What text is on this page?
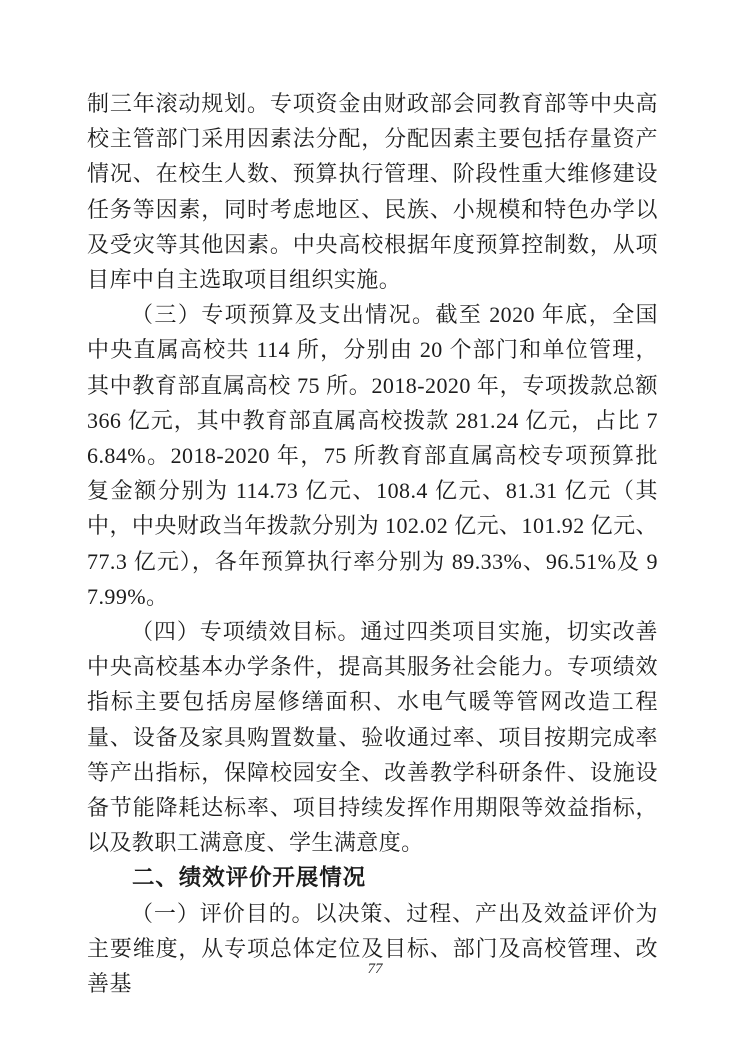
制三年滚动规划。专项资金由财政部会同教育部等中央高校主管部门采用因素法分配，分配因素主要包括存量资产情况、在校生人数、预算执行管理、阶段性重大维修建设任务等因素，同时考虑地区、民族、小规模和特色办学以及受灾等其他因素。中央高校根据年度预算控制数，从项目库中自主选取项目组织实施。

（三）专项预算及支出情况。截至 2020 年底，全国中央直属高校共 114 所，分别由 20 个部门和单位管理，其中教育部直属高校 75 所。2018-2020 年，专项拨款总额 366 亿元，其中教育部直属高校拨款 281.24 亿元，占比 76.84%。2018-2020 年，75 所教育部直属高校专项预算批复金额分别为 114.73 亿元、108.4 亿元、81.31 亿元（其中，中央财政当年拨款分别为 102.02 亿元、101.92 亿元、77.3 亿元），各年预算执行率分别为 89.33%、96.51%及 97.99%。

（四）专项绩效目标。通过四类项目实施，切实改善中央高校基本办学条件，提高其服务社会能力。专项绩效指标主要包括房屋修缮面积、水电气暖等管网改造工程量、设备及家具购置数量、验收通过率、项目按期完成率等产出指标，保障校园安全、改善教学科研条件、设施设备节能降耗达标率、项目持续发挥作用期限等效益指标，以及教职工满意度、学生满意度。

二、绩效评价开展情况

（一）评价目的。以决策、过程、产出及效益评价为主要维度，从专项总体定位及目标、部门及高校管理、改善基

77
